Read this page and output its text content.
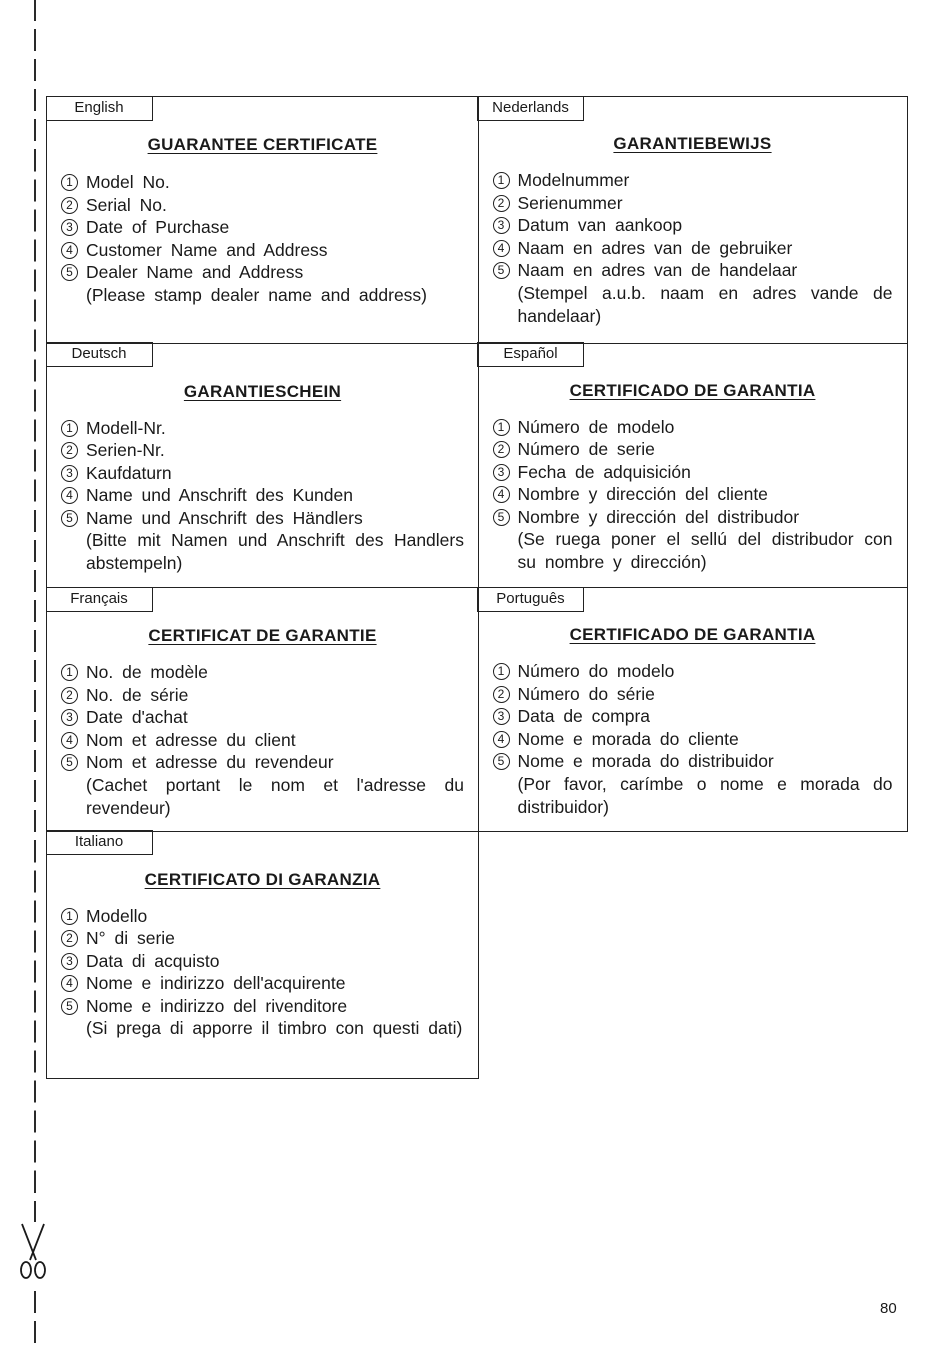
English
GUARANTEE CERTIFICATE
1 Model No.
2 Serial No.
3 Date of Purchase
4 Customer Name and Address
5 Dealer Name and Address
(Please stamp dealer name and address)
Nederlands
GARANTIEBEWIJS
1 Modelnummer
2 Serienummer
3 Datum van aankoop
4 Naam en adres van de gebruiker
5 Naam en adres van de handelaar
(Stempel a.u.b. naam en adres vande de handelaar)
Deutsch
GARANTIESCHEIN
1 Modell-Nr.
2 Serien-Nr.
3 Kaufdaturn
4 Name und Anschrift des Kunden
5 Name und Anschrift des Händlers
(Bitte mit Namen und Anschrift des Handlers abstempeln)
Español
CERTIFICADO DE GARANTIA
1 Número de modelo
2 Número de serie
3 Fecha de adquisición
4 Nombre y dirección del cliente
5 Nombre y dirección del distribudor
(Se ruega poner el sellú del distribudor con su nombre y dirección)
Français
CERTIFICAT DE GARANTIE
1 No. de modèle
2 No. de série
3 Date d'achat
4 Nom et adresse du client
5 Nom et adresse du revendeur
(Cachet portant le nom et l'adresse du revendeur)
Português
CERTIFICADO DE GARANTIA
1 Número do modelo
2 Número do série
3 Data de compra
4 Nome e morada do cliente
5 Nome e morada do distribuidor
(Por favor, carímbe o nome e morada do distribuidor)
Italiano
CERTIFICATO DI GARANZIA
1 Modello
2 N° di serie
3 Data di acquisto
4 Nome e indirizzo dell'acquirente
5 Nome e indirizzo del rivenditore
(Si prega di apporre il timbro con questi dati)
80
